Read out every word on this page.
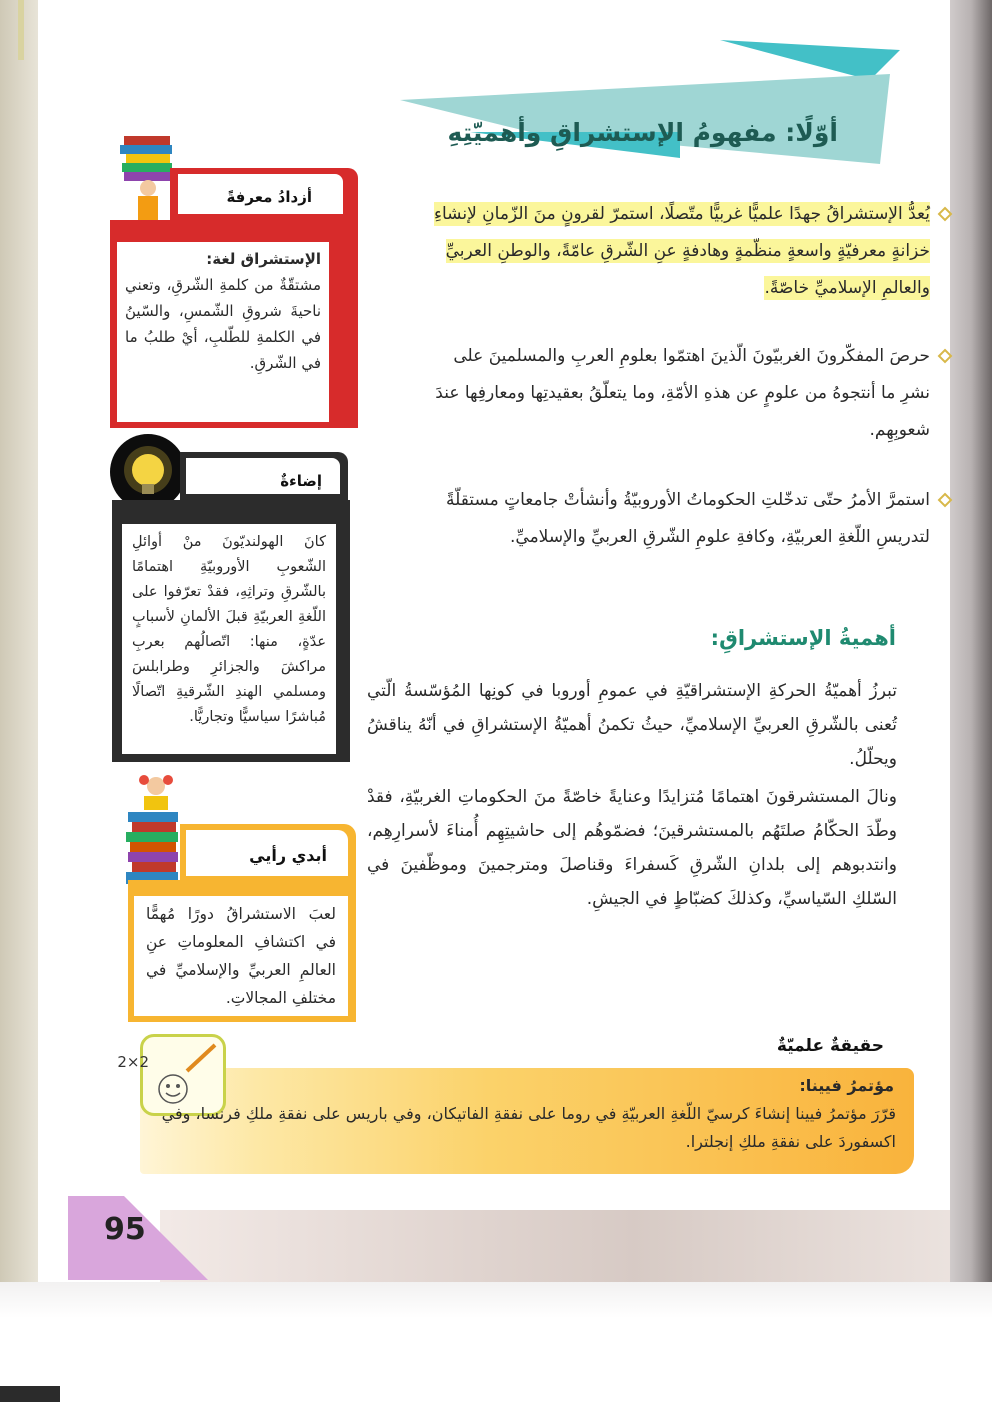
أوّلًا: مفهومُ الإستشراقِ وأهميّتِهِ
يُعدُّ الإستشراقُ جهدًا علميًّا غربيًّا متّصلًا، استمرّ لقرونٍ منَ الزّمانِ لإنشاءِ خزانةٍ معرفيّةٍ واسعةٍ منظّمةٍ وهادفةٍ عنِ الشّرقِ عامّةً، والوطنِ العربيِّ والعالمِ الإسلاميِّ خاصّةً.
حرصَ المفكّرونَ الغربيّونَ الّذينَ اهتمّوا بعلومِ العربِ والمسلمينَ على نشرِ ما أنتجوهُ من علومٍ عن هذهِ الأمّةِ، وما يتعلّقُ بعقيدتِها ومعارفِها عندَ شعوبِهِم.
استمرَّ الأمرُ حتّى تدخّلتِ الحكوماتُ الأوروبيّةُ وأنشأتْ جامعاتٍ مستقلّةً لتدريسِ اللّغةِ العربيّةِ، وكافةِ علومِ الشّرقِ العربيِّ والإسلاميِّ.
أهميةُ الإستشراقِ:
تبرزُ أهميّةُ الحركةِ الإستشراقيّةِ في عمومِ أوروبا في كونِها المُؤسّسةُ الّتي تُعنى بالشّرقِ العربيِّ الإسلاميِّ، حيثُ تكمنُ أهميّةُ الإستشراقِ في أنّهُ يناقشُ ويحلّلُ.
ونالَ المستشرقونَ اهتمامًا مُتزايدًا وعنايةً خاصّةً منَ الحكوماتِ الغربيّةِ، فقدْ وطّدَ الحكّامُ صلتَهُم بالمستشرقينَ؛ فضمّوهُم إلى حاشيتِهِم أُمناءَ لأسرارِهِم، وانتدبوهم إلى بلدانِ الشّرقِ كَسفراءَ وقناصلَ ومترجمينَ وموظّفينَ في السّلكِ السّياسيِّ، وكذلكَ كضبّاطٍ في الجيشِ.
أزدادُ معرفةً
الإستشراق لغة:
مشتقّةٌ من كلمةِ الشّرقِ، وتعني ناحيةَ شروقِ الشّمسِ، والسّينُ في الكلمةِ للطّلبِ، أيْ طلبُ ما في الشّرقِ.
إضاءةٌ
كانَ الهولنديّونَ منْ أوائلِ الشّعوبِ الأوروبيّةِ اهتمامًا بالشّرقِ وتراثِهِ، فقدْ تعرّفوا على اللّغةِ العربيّةِ قبلَ الألمانِ لأسبابٍ عدّةٍ، منها: اتّصالُهم بعربِ مراكشَ والجزائرِ وطرابلسَ ومسلمي الهندِ الشّرقيةِ اتّصالًا مُباشرًا سياسيًّا وتجاريًّا.
أبدي رأيي
لعبَ الاستشراقُ دورًا مُهمًّا في اكتشافِ المعلوماتِ عنِ العالمِ العربيِّ والإسلاميِّ في مختلفِ المجالاتِ.
2×2
حقيقةٌ علميّةٌ
مؤتمرُ فيينا:
قرّرَ مؤتمرُ فيينا إنشاءَ كرسيّ اللّغةِ العربيّةِ في روما على نفقةِ الفاتيكان، وفي باريس على نفقةِ ملكِ فرنسا، وفي اكسفوردَ على نفقةِ ملكِ إنجلترا.
95
